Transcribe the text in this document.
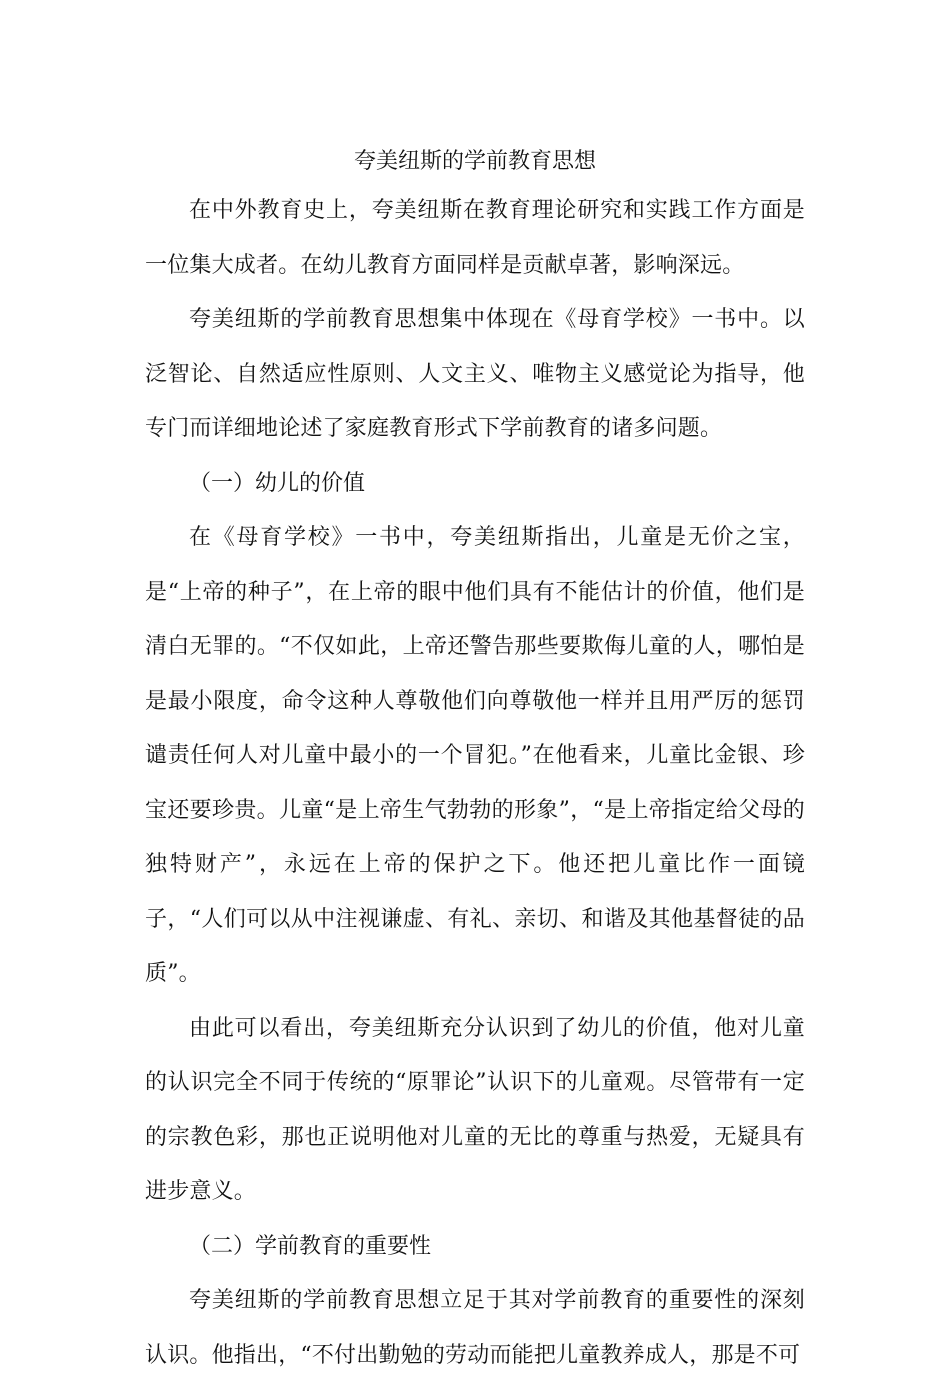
夸美纽斯的学前教育思想

在中外教育史上，夸美纽斯在教育理论研究和实践工作方面是一位集大成者。在幼儿教育方面同样是贡献卓著，影响深远。

夸美纽斯的学前教育思想集中体现在《母育学校》一书中。以泛智论、自然适应性原则、人文主义、唯物主义感觉论为指导，他专门而详细地论述了家庭教育形式下学前教育的诸多问题。

（一）幼儿的价值

在《母育学校》一书中，夸美纽斯指出，儿童是无价之宝，是“上帝的种子”，在上帝的眼中他们具有不能估计的价值，他们是清白无罪的。“不仅如此，上帝还警告那些要欺侮儿童的人，哪怕是是最小限度，命令这种人尊敬他们向尊敬他一样并且用严厉的惩罚谴责任何人对儿童中最小的一个冒犯。”在他看来，儿童比金银、珍宝还要珍贵。儿童“是上帝生气勃勃的形象”，“是上帝指定给父母的独特财产”，永远在上帝的保护之下。他还把儿童比作一面镜子，“人们可以从中注视谦虚、有礼、亲切、和谐及其他基督徒的品质”。

由此可以看出，夸美纽斯充分认识到了幼儿的价值，他对儿童的认识完全不同于传统的“原罪论”认识下的儿童观。尽管带有一定的宗教色彩，那也正说明他对儿童的无比的尊重与热爱，无疑具有进步意义。

（二）学前教育的重要性

夸美纽斯的学前教育思想立足于其对学前教育的重要性的深刻认识。他指出，“不付出勤勉的劳动而能把儿童教养成人，那是不可
